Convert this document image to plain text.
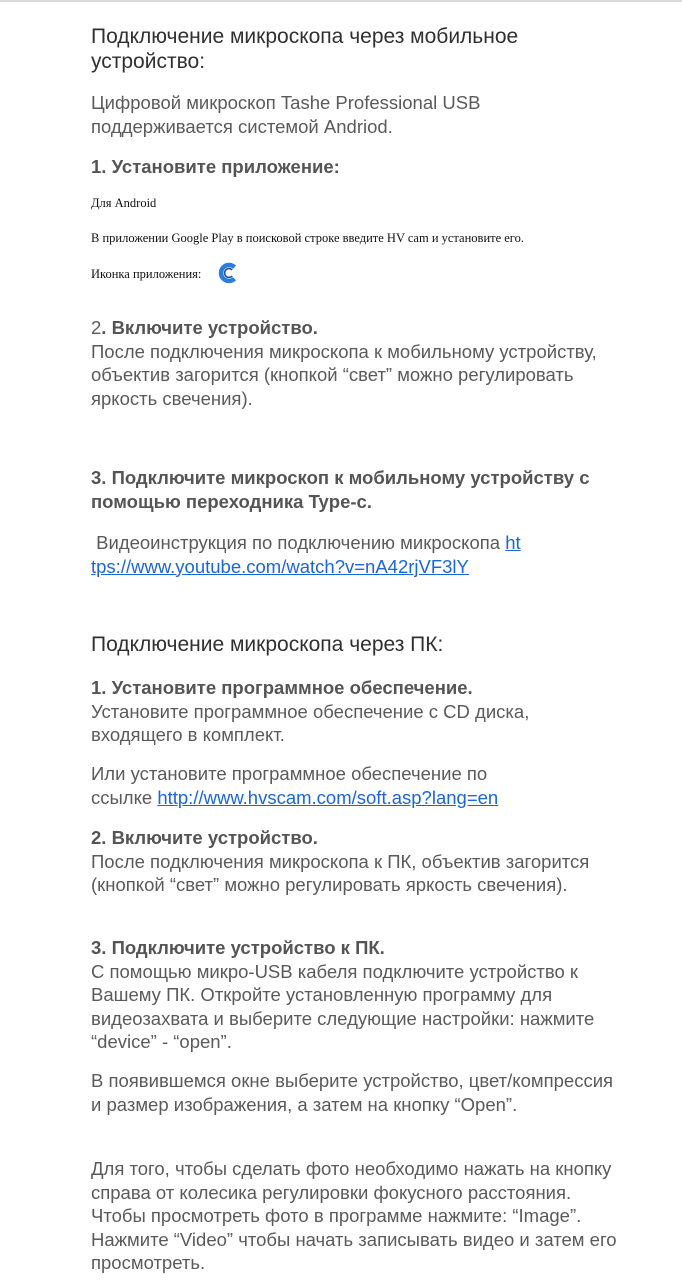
Подключение микроскопа через мобильное устройство:

Цифровой микроскоп Tashe Professional USB поддерживается системой Andriod.

1. Установите приложение:

Для Android

В приложении Google Play в поисковой строке введите HV cam и установите его.

Иконка приложения:

2. Включите устройство.
После подключения микроскопа к мобильному устройству, объектив загорится (кнопкой “свет” можно регулировать яркость свечения).

3. Подключите микроскоп к мобильному устройству с помощью переходника Type-c.

Видеоинструкция по подключению микроскопа https://www.youtube.com/watch?v=nA42rjVF3lY

Подключение микроскопа через ПК:

1. Установите программное обеспечение.
Установите программное обеспечение с CD диска, входящего в комплект.

Или установите программное обеспечение по ссылке http://www.hvscam.com/soft.asp?lang=en

2. Включите устройство.
После подключения микроскопа к ПК, объектив загорится (кнопкой “свет” можно регулировать яркость свечения).

3. Подключите устройство к ПК.
С помощью микро-USB кабеля подключите устройство к Вашему ПК. Откройте установленную программу для видеозахвата и выберите следующие настройки: нажмите “device” - “open”.

В появившемся окне выберите устройство, цвет/компрессия и размер изображения, а затем на кнопку “Open”.

Для того, чтобы сделать фото необходимо нажать на кнопку справа от колесика регулировки фокусного расстояния. Чтобы просмотреть фото в программе нажмите: “Image”. Нажмите “Video” чтобы начать записывать видео и затем его просмотреть.
